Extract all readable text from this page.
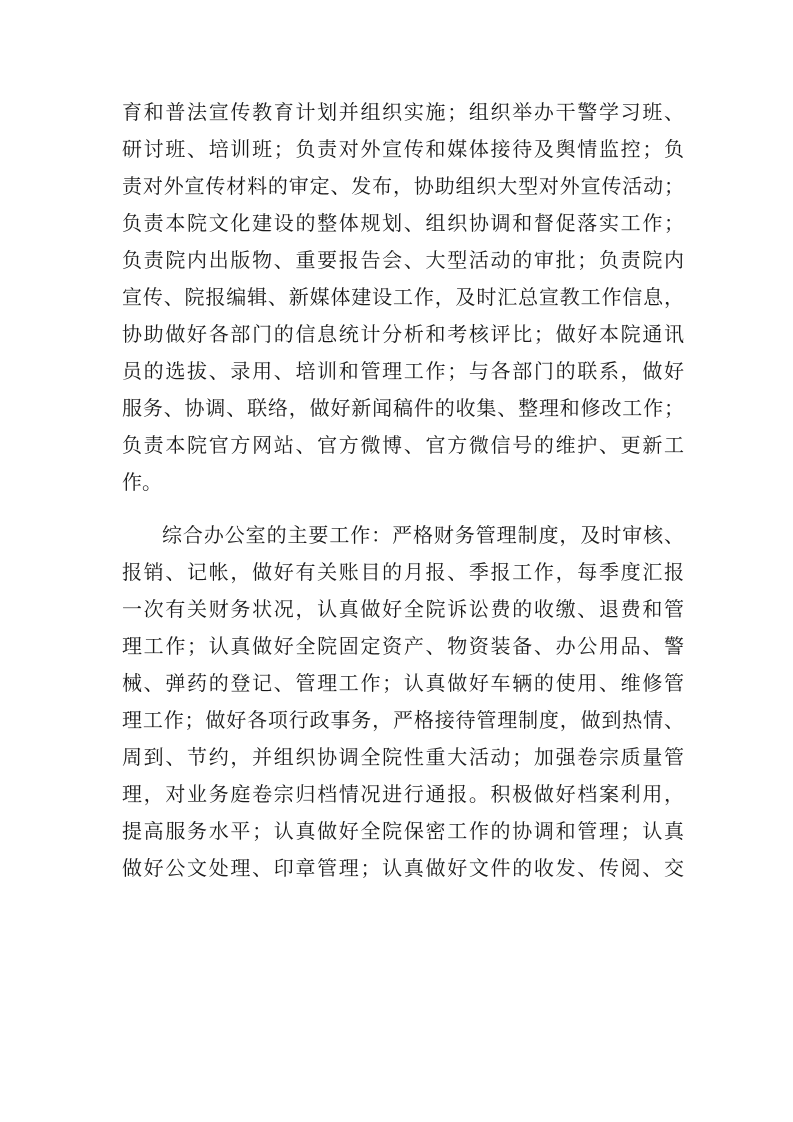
育和普法宣传教育计划并组织实施；组织举办干警学习班、
研讨班、培训班；负责对外宣传和媒体接待及舆情监控；负
责对外宣传材料的审定、发布，协助组织大型对外宣传活动；
负责本院文化建设的整体规划、组织协调和督促落实工作；
负责院内出版物、重要报告会、大型活动的审批；负责院内
宣传、院报编辑、新媒体建设工作，及时汇总宣教工作信息，
协助做好各部门的信息统计分析和考核评比；做好本院通讯
员的选拔、录用、培训和管理工作；与各部门的联系，做好
服务、协调、联络，做好新闻稿件的收集、整理和修改工作；
负责本院官方网站、官方微博、官方微信号的维护、更新工
作。
综合办公室的主要工作：严格财务管理制度，及时审核、
报销、记帐，做好有关账目的月报、季报工作，每季度汇报
一次有关财务状况，认真做好全院诉讼费的收缴、退费和管
理工作；认真做好全院固定资产、物资装备、办公用品、警
械、弹药的登记、管理工作；认真做好车辆的使用、维修管
理工作；做好各项行政事务，严格接待管理制度，做到热情、
周到、节约，并组织协调全院性重大活动；加强卷宗质量管
理，对业务庭卷宗归档情况进行通报。积极做好档案利用，
提高服务水平；认真做好全院保密工作的协调和管理；认真
做好公文处理、印章管理；认真做好文件的收发、传阅、交
